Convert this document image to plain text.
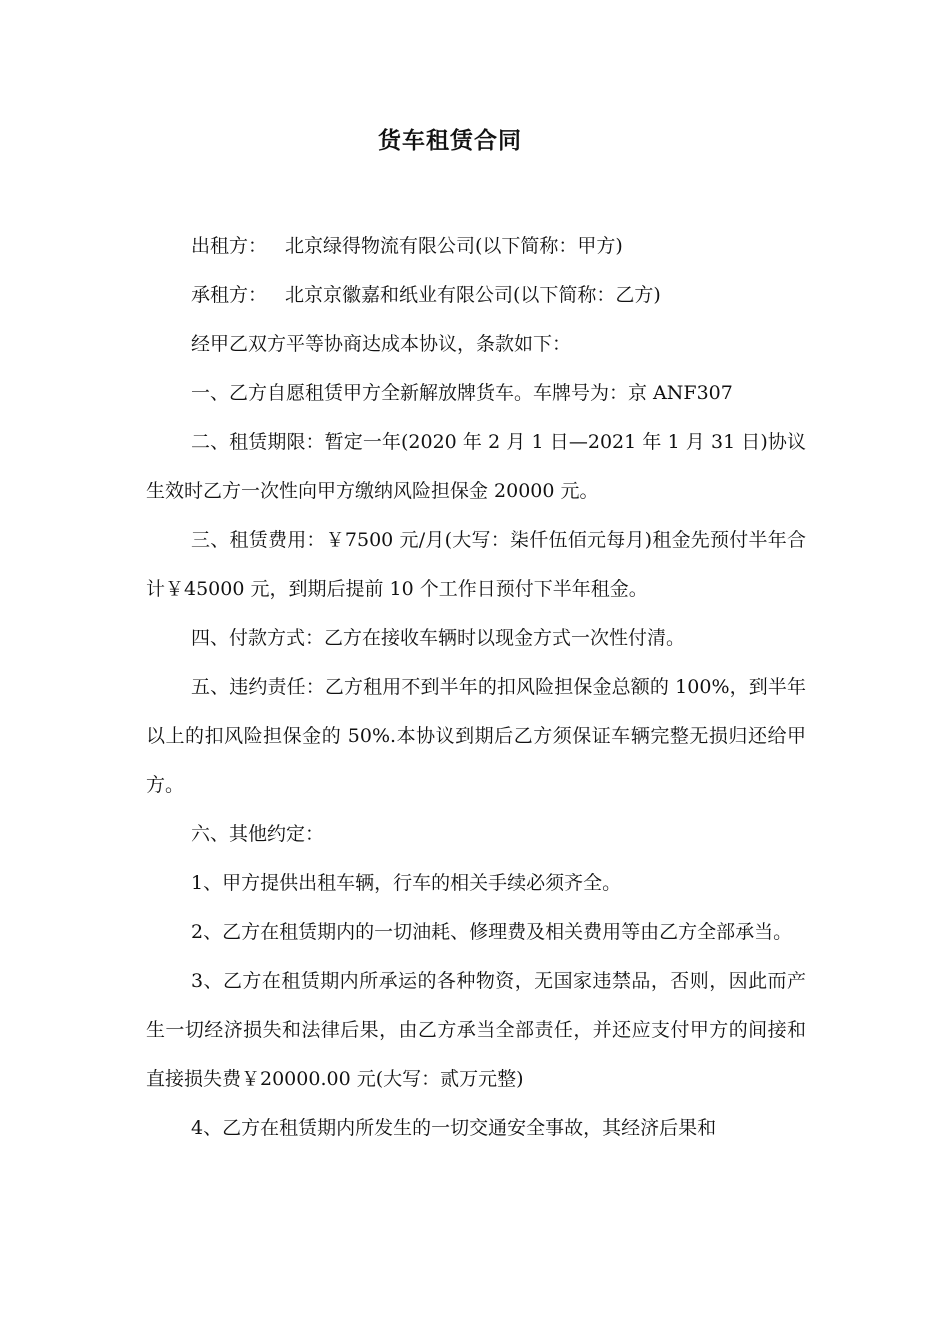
货车租赁合同

出租方： 北京绿得物流有限公司(以下简称：甲方)

承租方： 北京京徽嘉和纸业有限公司(以下简称：乙方)

经甲乙双方平等协商达成本协议，条款如下：

一、乙方自愿租赁甲方全新解放牌货车。车牌号为：京 ANF307

二、租赁期限：暂定一年(2020 年 2 月 1 日—2021 年 1 月 31 日)协议生效时乙方一次性向甲方缴纳风险担保金 20000 元。

三、租赁费用：￥7500 元/月(大写：柒仟伍佰元每月)租金先预付半年合计￥45000 元，到期后提前 10 个工作日预付下半年租金。

四、付款方式：乙方在接收车辆时以现金方式一次性付清。

五、违约责任：乙方租用不到半年的扣风险担保金总额的 100%，到半年以上的扣风险担保金的 50%.本协议到期后乙方须保证车辆完整无损归还给甲方。

六、其他约定：

1、甲方提供出租车辆，行车的相关手续必须齐全。

2、乙方在租赁期内的一切油耗、修理费及相关费用等由乙方全部承当。

3、乙方在租赁期内所承运的各种物资，无国家违禁品，否则，因此而产生一切经济损失和法律后果，由乙方承当全部责任，并还应支付甲方的间接和直接损失费￥20000.00 元(大写：贰万元整)

4、乙方在租赁期内所发生的一切交通安全事故，其经济后果和
